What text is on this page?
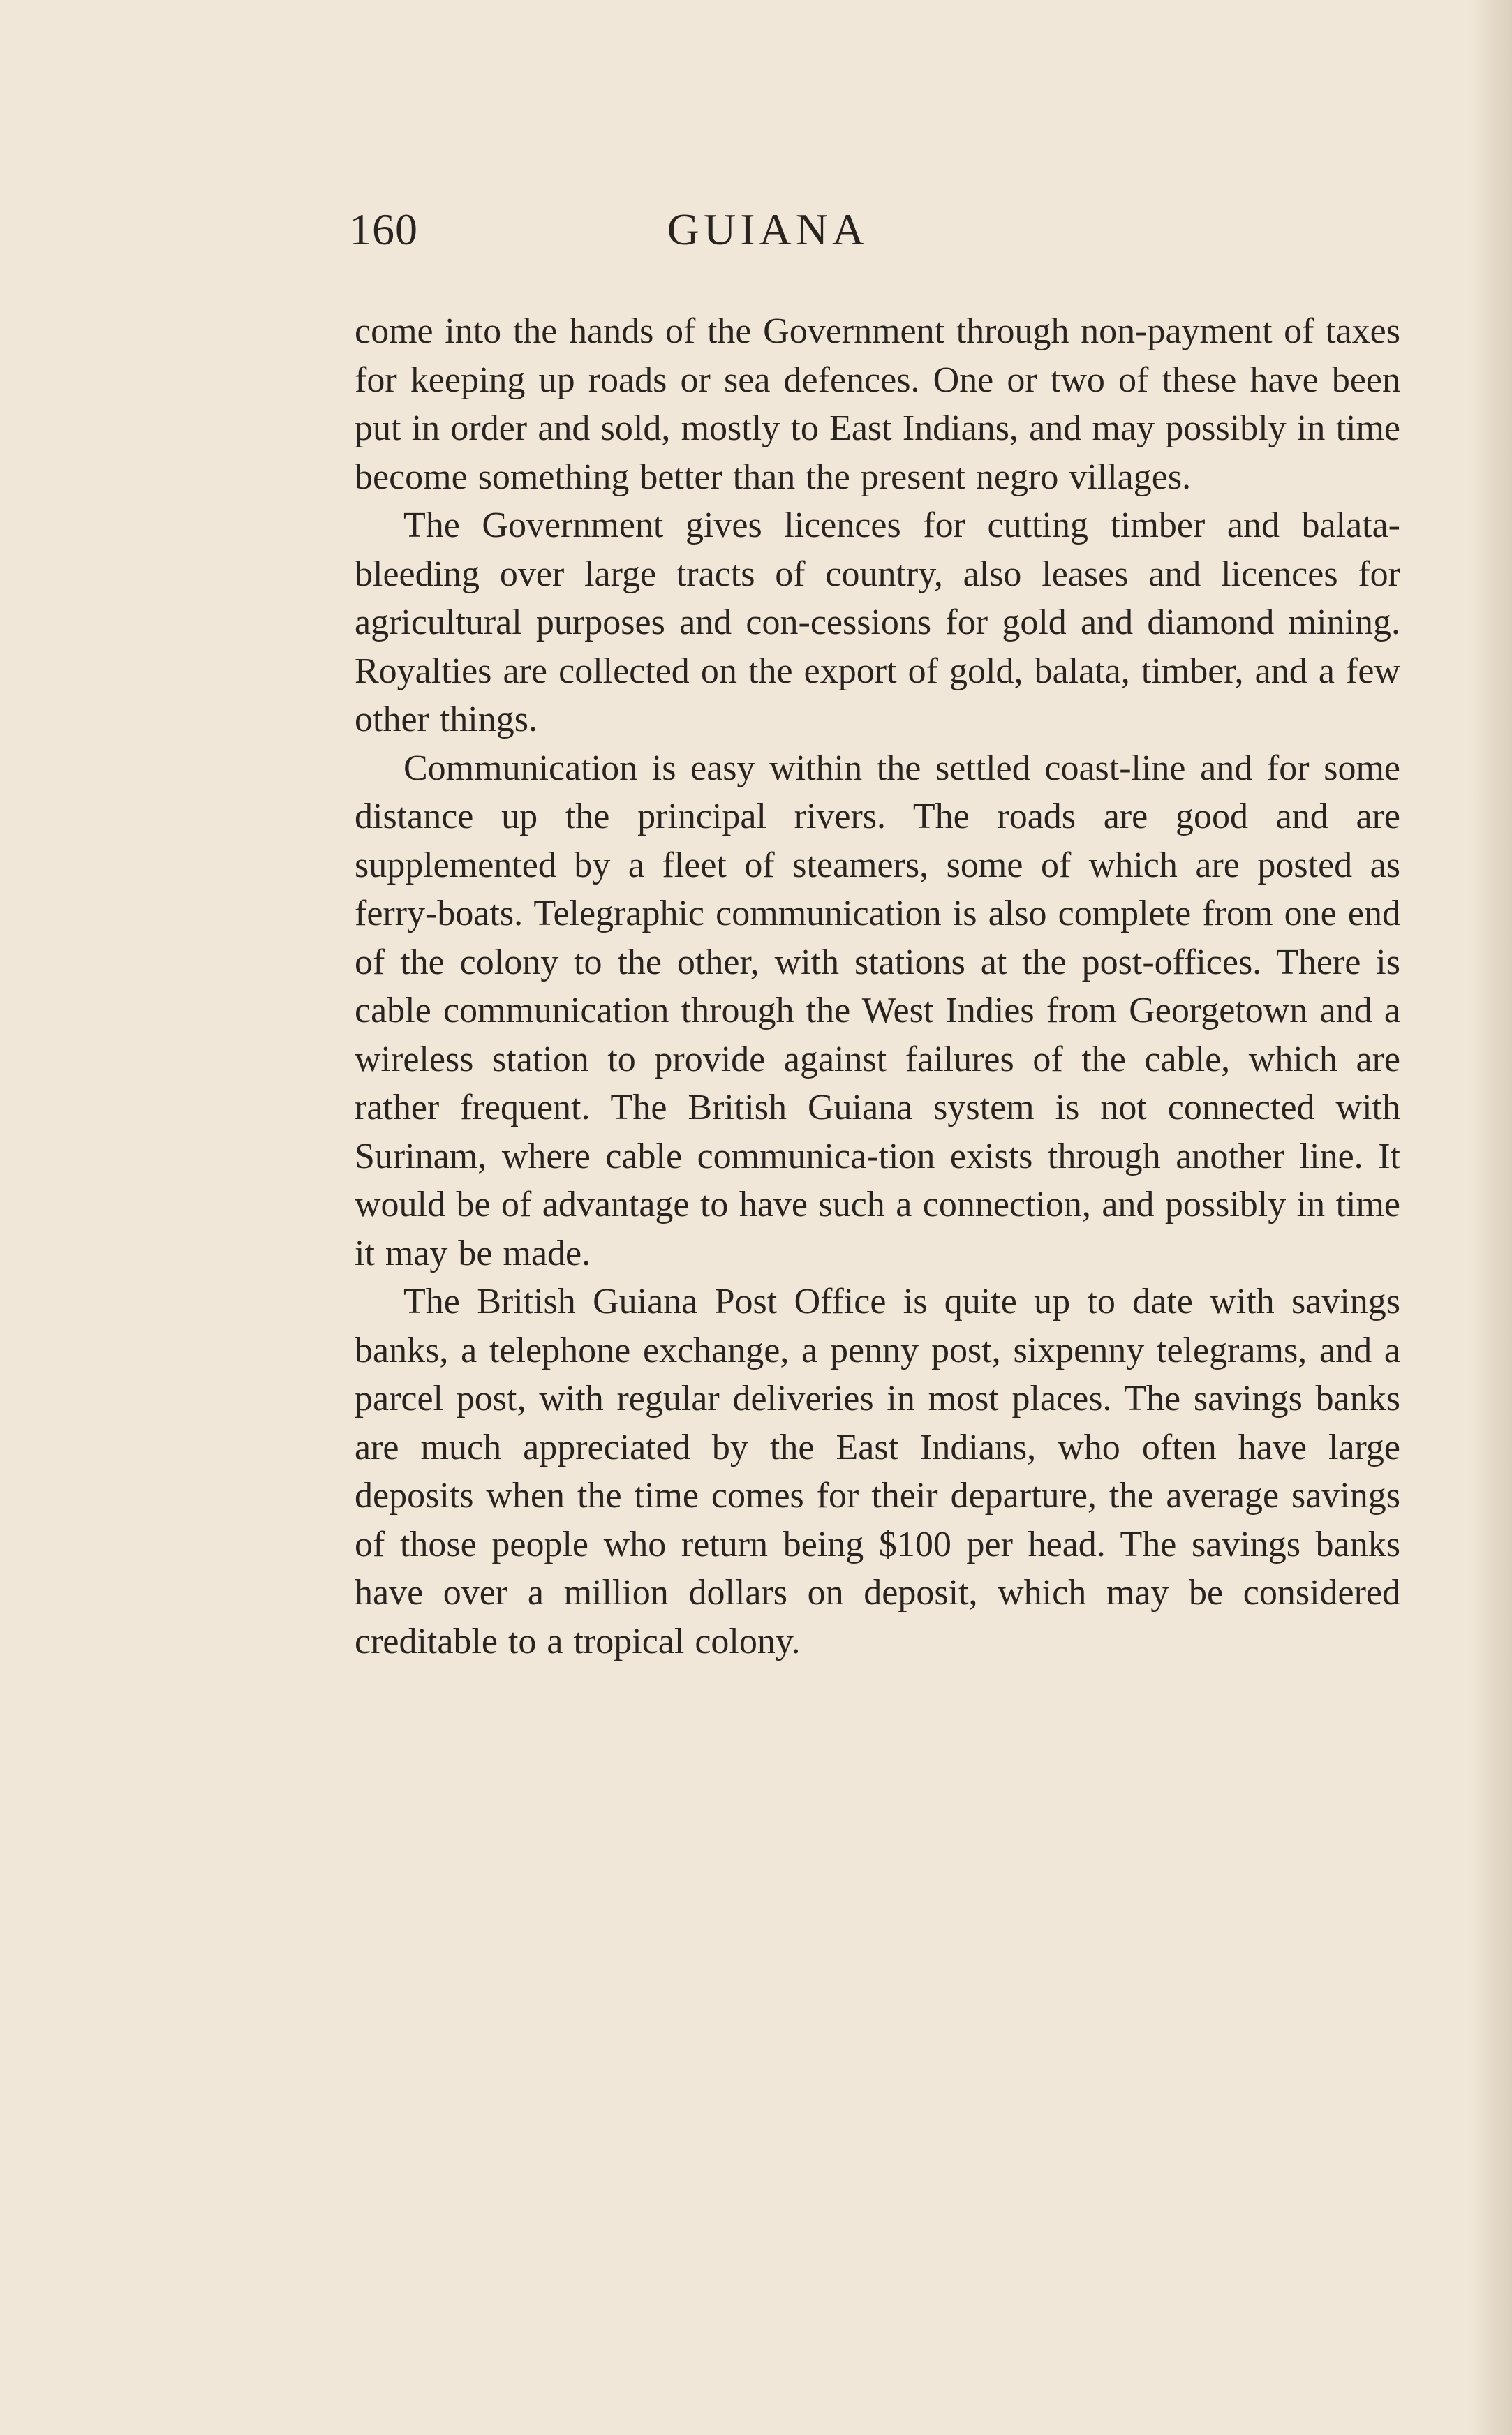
160	GUIANA

come into the hands of the Government through non-payment of taxes for keeping up roads or sea defences. One or two of these have been put in order and sold, mostly to East Indians, and may possibly in time become something better than the present negro villages.

The Government gives licences for cutting timber and balata-bleeding over large tracts of country, also leases and licences for agricultural purposes and con-cessions for gold and diamond mining. Royalties are collected on the export of gold, balata, timber, and a few other things.

Communication is easy within the settled coast-line and for some distance up the principal rivers. The roads are good and are supplemented by a fleet of steamers, some of which are posted as ferry-boats. Telegraphic communication is also complete from one end of the colony to the other, with stations at the post-offices. There is cable communication through the West Indies from Georgetown and a wireless station to provide against failures of the cable, which are rather frequent. The British Guiana system is not connected with Surinam, where cable communica-tion exists through another line. It would be of advantage to have such a connection, and possibly in time it may be made.

The British Guiana Post Office is quite up to date with savings banks, a telephone exchange, a penny post, sixpenny telegrams, and a parcel post, with regular deliveries in most places. The savings banks are much appreciated by the East Indians, who often have large deposits when the time comes for their departure, the average savings of those people who return being $100 per head. The savings banks have over a million dollars on deposit, which may be considered creditable to a tropical colony.
